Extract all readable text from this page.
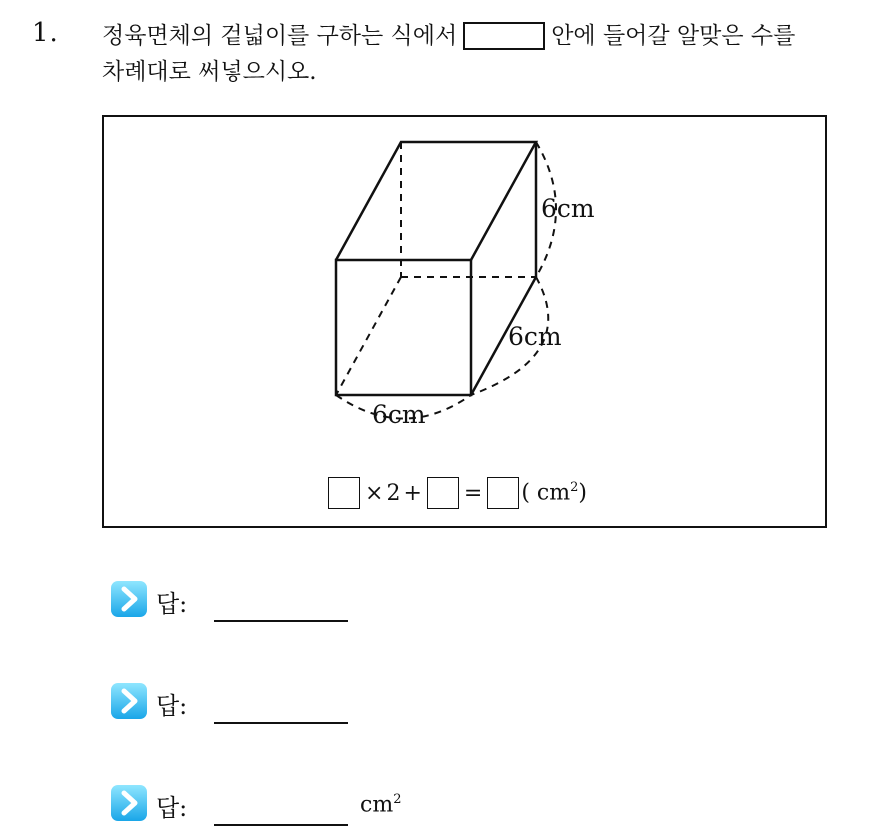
1. 정육면체의 겉넓이를 구하는 식에서	안에 들어갈 알맞은 수를
차례대로 써넣으시오.
6cm
6cm
6cm
× 2 + = ( $cm^2$)
답:
답:
답:	$cm^2$
